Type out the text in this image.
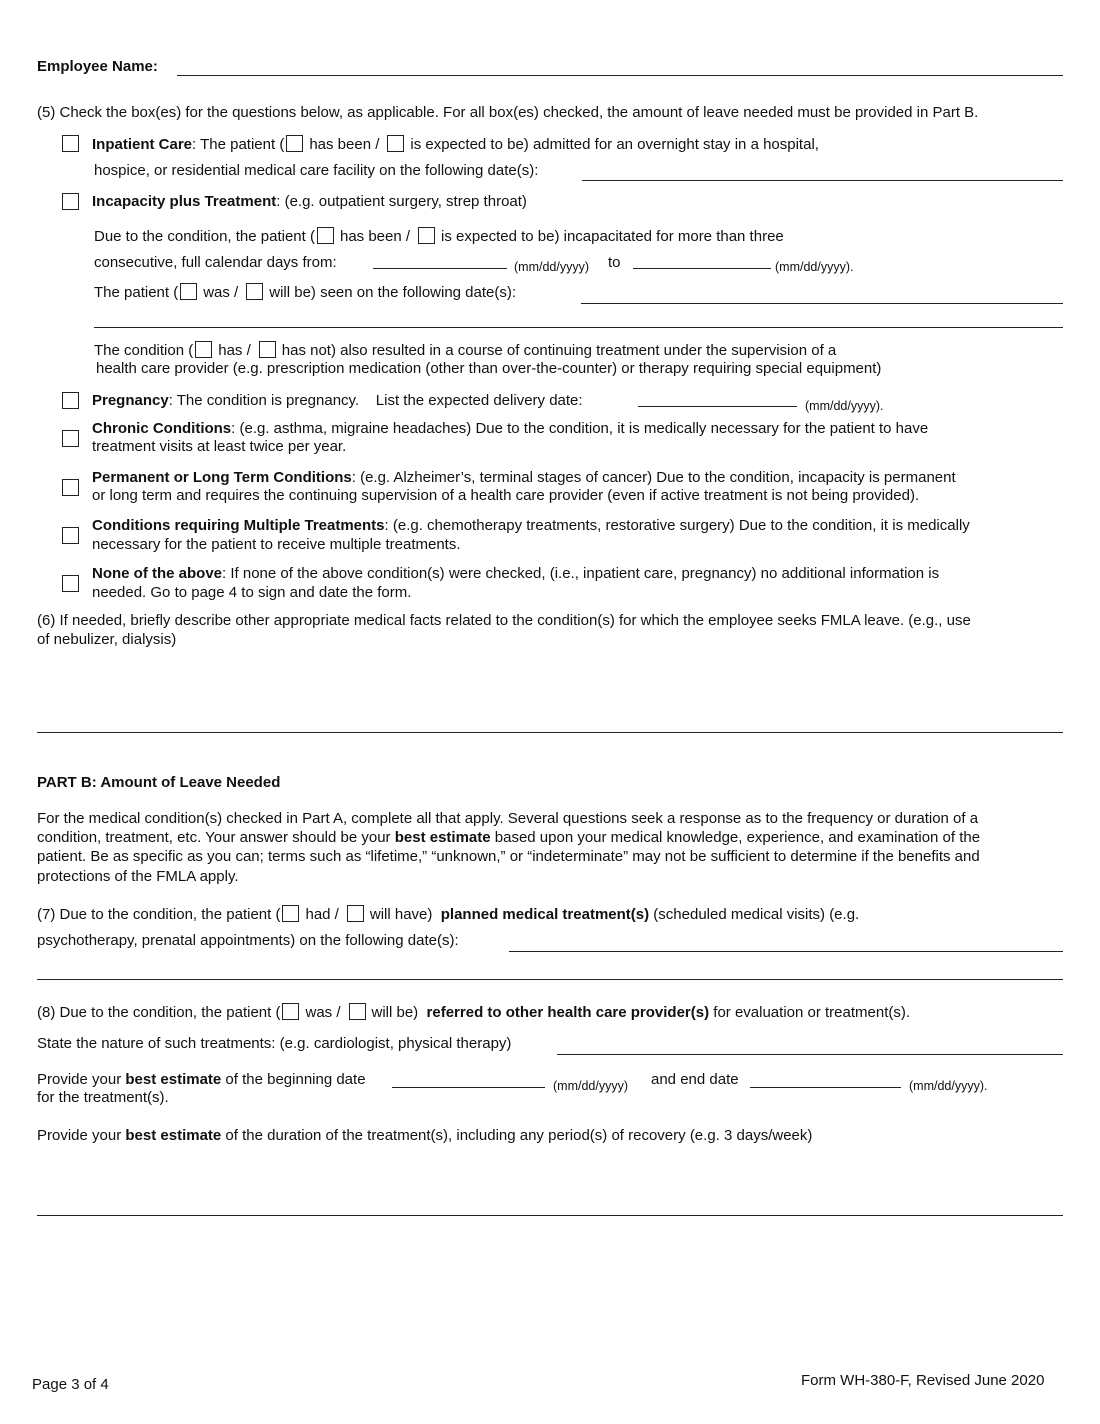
Employee Name:
(5) Check the box(es) for the questions below, as applicable. For all box(es) checked, the amount of leave needed must be provided in Part B.
Inpatient Care: The patient ( has been / is expected to be) admitted for an overnight stay in a hospital,
hospice, or residential medical care facility on the following date(s):
Incapacity plus Treatment: (e.g. outpatient surgery, strep throat)
Due to the condition, the patient ( has been / is expected to be) incapacitated for more than three
consecutive, full calendar days from:	(mm/dd/yyyy) to	(mm/dd/yyyy).
The patient ( was / will be) seen on the following date(s):
The condition ( has / has not) also resulted in a course of continuing treatment under the supervision of a
health care provider (e.g. prescription medication (other than over-the-counter) or therapy requiring special equipment)
Pregnancy: The condition is pregnancy.    List the expected delivery date:	(mm/dd/yyyy).
Chronic Conditions: (e.g. asthma, migraine headaches) Due to the condition, it is medically necessary for the patient to have
treatment visits at least twice per year.
Permanent or Long Term Conditions: (e.g. Alzheimer’s, terminal stages of cancer) Due to the condition, incapacity is permanent
or long term and requires the continuing supervision of a health care provider (even if active treatment is not being provided).
Conditions requiring Multiple Treatments: (e.g. chemotherapy treatments, restorative surgery) Due to the condition, it is medically
necessary for the patient to receive multiple treatments.
None of the above: If none of the above condition(s) were checked, (i.e., inpatient care, pregnancy) no additional information is
needed. Go to page 4 to sign and date the form.
(6) If needed, briefly describe other appropriate medical facts related to the condition(s) for which the employee seeks FMLA leave. (e.g., use
of nebulizer, dialysis)
PART B: Amount of Leave Needed
For the medical condition(s) checked in Part A, complete all that apply. Several questions seek a response as to the frequency or duration of a
condition, treatment, etc. Your answer should be your best estimate based upon your medical knowledge, experience, and examination of the
patient. Be as specific as you can; terms such as “lifetime,” “unknown,” or “indeterminate” may not be sufficient to determine if the benefits and
protections of the FMLA apply.
(7) Due to the condition, the patient ( had / will have) planned medical treatment(s) (scheduled medical visits) (e.g.
psychotherapy, prenatal appointments) on the following date(s):
(8) Due to the condition, the patient ( was / will be) referred to other health care provider(s) for evaluation or treatment(s).
State the nature of such treatments: (e.g. cardiologist, physical therapy)
Provide your best estimate of the beginning date	(mm/dd/yyyy) and end date	(mm/dd/yyyy).
for the treatment(s).
Provide your best estimate of the duration of the treatment(s), including any period(s) of recovery (e.g. 3 days/week)
Page 3 of 4	Form WH-380-F, Revised June 2020
